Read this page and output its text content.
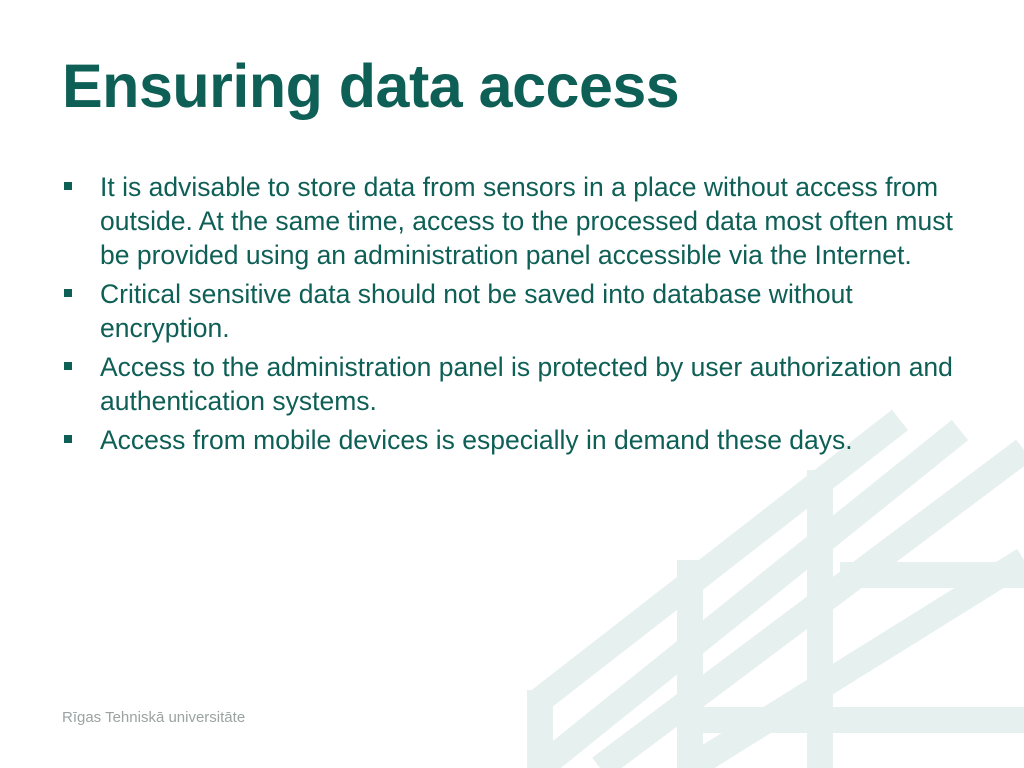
Ensuring data access
It is advisable to store data from sensors in a place without access from outside. At the same time, access to the processed data most often must be provided using an administration panel accessible via the Internet.
Critical sensitive data should not be saved into database without encryption.
Access to the administration panel is protected by user authorization and authentication systems.
Access from mobile devices is especially in demand these days.
Rīgas Tehniskā universitāte
